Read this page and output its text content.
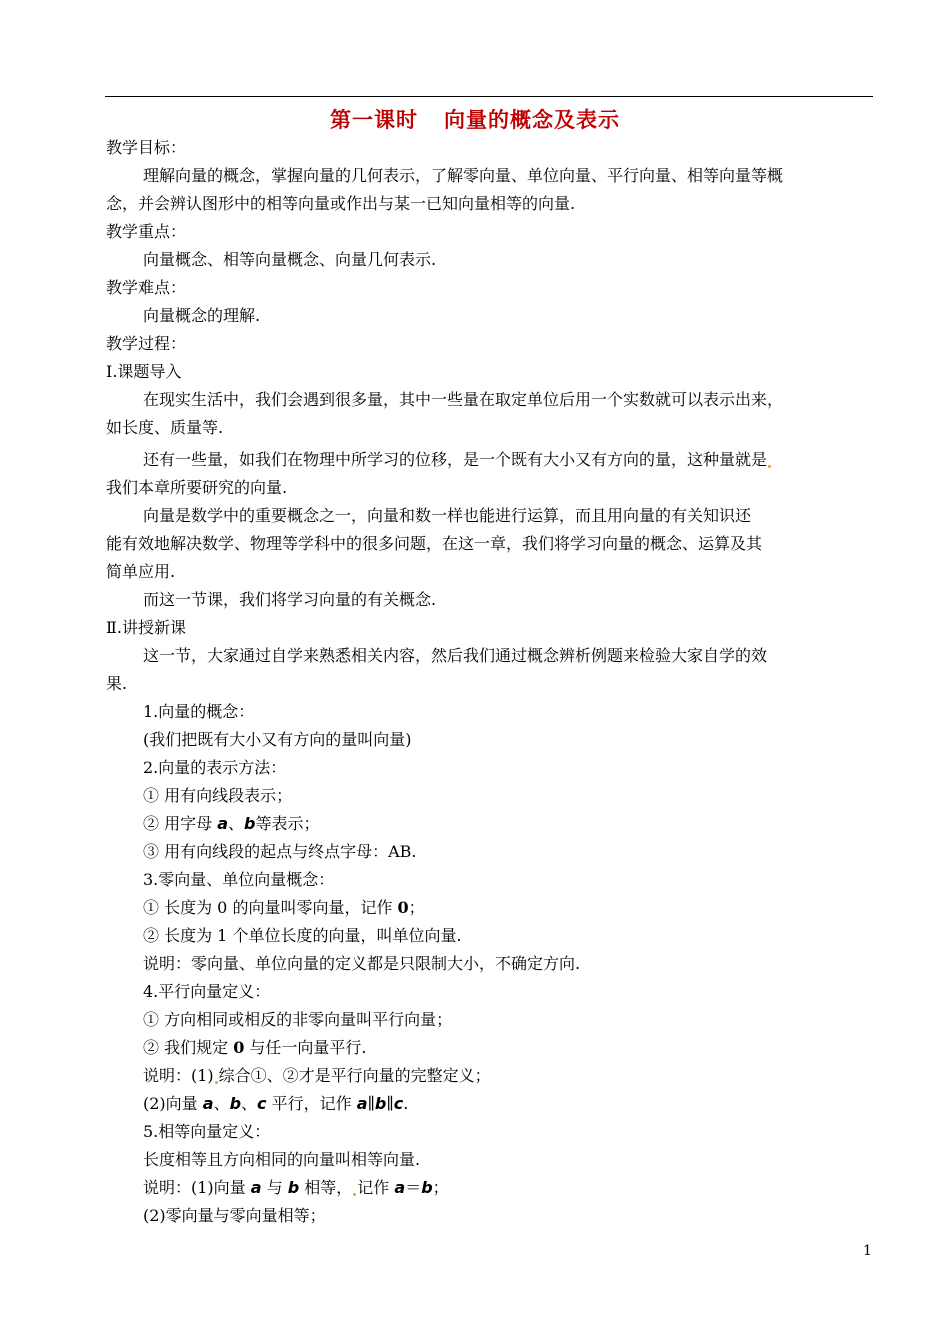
第一课时 向量的概念及表示
教学目标：
理解向量的概念，掌握向量的几何表示，了解零向量、单位向量、平行向量、相等向量等概
念，并会辨认图形中的相等向量或作出与某一已知向量相等的向量.
教学重点：
向量概念、相等向量概念、向量几何表示.
教学难点：
向量概念的理解.
教学过程：
Ⅰ.课题导入
在现实生活中，我们会遇到很多量，其中一些量在取定单位后用一个实数就可以表示出来，
如长度、质量等.
还有一些量，如我们在物理中所学习的位移，是一个既有大小又有方向的量，这种量就是
我们本章所要研究的向量.
向量是数学中的重要概念之一，向量和数一样也能进行运算，而且用向量的有关知识还
能有效地解决数学、物理等学科中的很多问题，在这一章，我们将学习向量的概念、运算及其
简单应用.
而这一节课，我们将学习向量的有关概念.
Ⅱ.讲授新课
这一节，大家通过自学来熟悉相关内容，然后我们通过概念辨析例题来检验大家自学的效
果.
1.向量的概念：
(我们把既有大小又有方向的量叫向量)
2.向量的表示方法：
① 用有向线段表示；
② 用字母 a、b等表示；
③ 用有向线段的起点与终点字母：AB.
3.零向量、单位向量概念：
① 长度为 0 的向量叫零向量，记作 0；
② 长度为 1 个单位长度的向量，叫单位向量.
说明：零向量、单位向量的定义都是只限制大小，不确定方向.
4.平行向量定义：
① 方向相同或相反的非零向量叫平行向量；
② 我们规定 0 与任一向量平行.
说明：(1) 综合①、②才是平行向量的完整定义；
(2)向量 a、b、c 平行，记作 a∥b∥c.
5.相等向量定义：
长度相等且方向相同的向量叫相等向量.
说明：(1)向量 a 与 b 相等， 记作 a＝b；
(2)零向量与零向量相等；
1
